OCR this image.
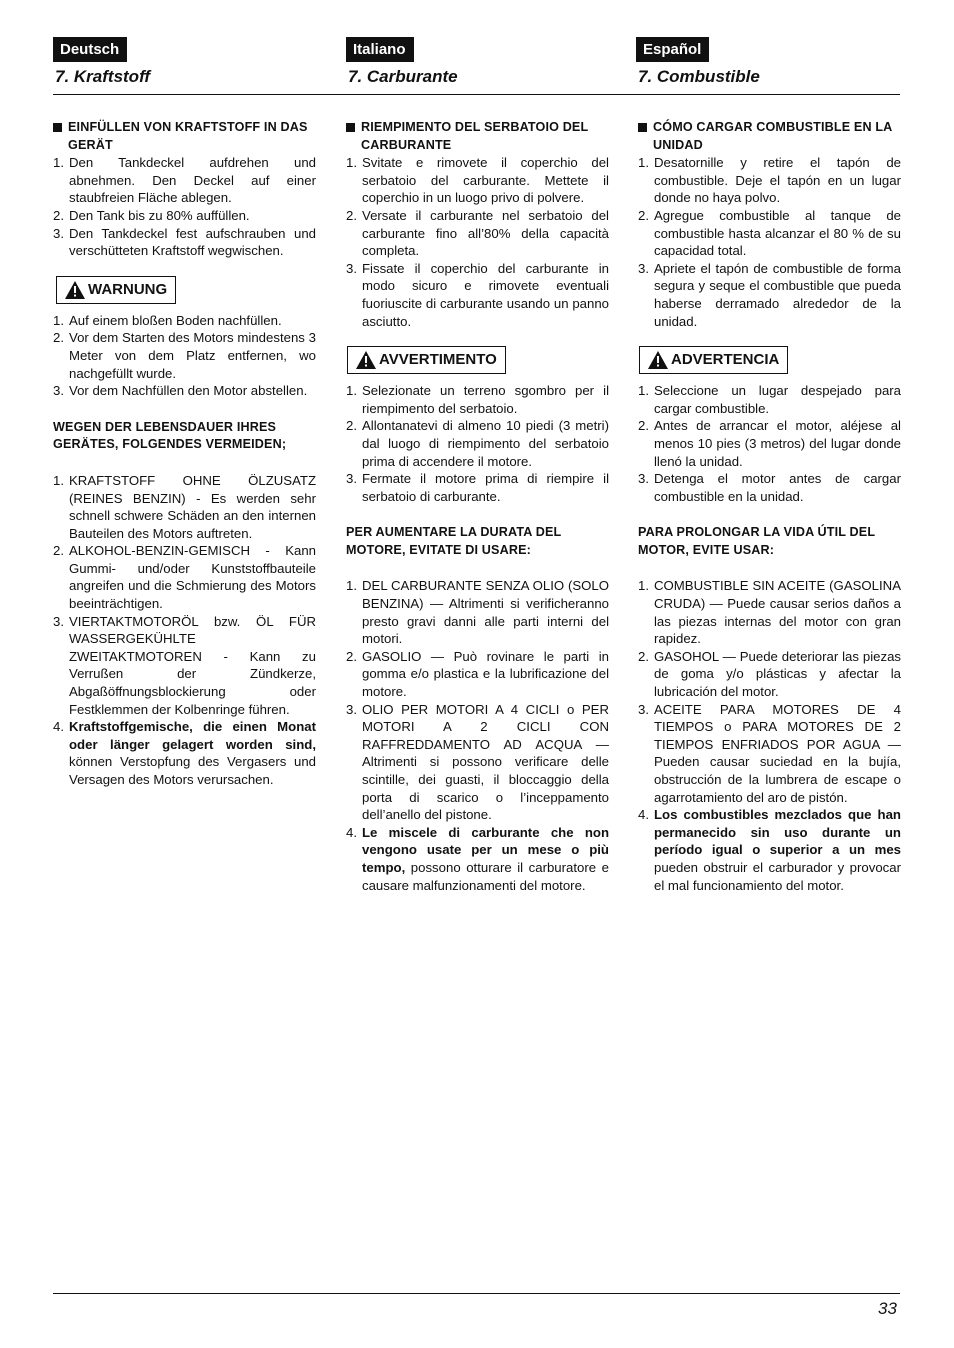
Deutsch	Italiano	Español
7. Kraftstoff	7. Carburante	7. Combustible
EINFÜLLEN VON KRAFTSTOFF IN DAS GERÄT
1. Den Tankdeckel aufdrehen und abnehmen. Den Deckel auf einer staubfreien Fläche ablegen.
2. Den Tank bis zu 80% auffüllen.
3. Den Tankdeckel fest aufschrauben und verschütteten Kraftstoff wegwischen.
WARNUNG
1. Auf einem bloßen Boden nachfüllen.
2. Vor dem Starten des Motors mindestens 3 Meter von dem Platz entfernen, wo nachgefüllt wurde.
3. Vor dem Nachfüllen den Motor abstellen.
WEGEN DER LEBENSDAUER IHRES GERÄTES, FOLGENDES VERMEIDEN;
1. KRAFTSTOFF OHNE ÖLZUSATZ (REINES BENZIN) - Es werden sehr schnell schwere Schäden an den internen Bauteilen des Motors auftreten.
2. ALKOHOL-BENZIN-GEMISCH - Kann Gummi- und/oder Kunststoffbauteile angreifen und die Schmierung des Motors beeinträchtigen.
3. VIERTAKTMOTORÖL bzw. ÖL FÜR WASSERGEKÜHLTE ZWEITAKTMOTOREN - Kann zu Verrußen der Zündkerze, Abgaßöffnungsblockierung oder Festklemmen der Kolbenringe führen.
4. Kraftstoffgemische, die einen Monat oder länger gelagert worden sind, können Verstopfung des Vergasers und Versagen des Motors verursachen.
RIEMPIMENTO DEL SERBATOIO DEL CARBURANTE
1. Svitate e rimovete il coperchio del serbatoio del carburante. Mettete il coperchio in un luogo privo di polvere.
2. Versate il carburante nel serbatoio del carburante fino all’80% della capacità completa.
3. Fissate il coperchio del carburante in modo sicuro e rimovete eventuali fuoriuscite di carburante usando un panno asciutto.
AVVERTIMENTO
1. Selezionate un terreno sgombro per il riempimento del serbatoio.
2. Allontanatevi di almeno 10 piedi (3 metri) dal luogo di riempimento del serbatoio prima di accendere il motore.
3. Fermate il motore prima di riempire il serbatoio di carburante.
PER AUMENTARE LA DURATA DEL MOTORE, EVITATE DI USARE:
1. DEL CARBURANTE SENZA OLIO (SOLO BENZINA) — Altrimenti si verificheranno presto gravi danni alle parti interni del motori.
2. GASOLIO — Può rovinare le parti in gomma e/o plastica e la lubrificazione del motore.
3. OLIO PER MOTORI A 4 CICLI o PER MOTORI A 2 CICLI CON RAFFREDDAMENTO AD ACQUA — Altrimenti si possono verificare delle scintille, dei guasti, il bloccaggio della porta di scarico o l’inceppamento dell’anello del pistone.
4. Le miscele di carburante che non vengono usate per un mese o più tempo, possono otturare il carburatore e causare malfunzionamenti del motore.
CÓMO CARGAR COMBUSTIBLE EN LA UNIDAD
1. Desatornille y retire el tapón de combustible. Deje el tapón en un lugar donde no haya polvo.
2. Agregue combustible al tanque de combustible hasta alcanzar el 80 % de su capacidad total.
3. Apriete el tapón de combustible de forma segura y seque el combustible que pueda haberse derramado alrededor de la unidad.
ADVERTENCIA
1. Seleccione un lugar despejado para cargar combustible.
2. Antes de arrancar el motor, aléjese al menos 10 pies (3 metros) del lugar donde llenó la unidad.
3. Detenga el motor antes de cargar combustible en la unidad.
PARA PROLONGAR LA VIDA ÚTIL DEL MOTOR, EVITE USAR:
1. COMBUSTIBLE SIN ACEITE (GASOLINA CRUDA) — Puede causar serios daños a las piezas internas del motor con gran rapidez.
2. GASOHOL — Puede deteriorar las piezas de goma y/o plásticas y afectar la lubricación del motor.
3. ACEITE PARA MOTORES DE 4 TIEMPOS o PARA MOTORES DE 2 TIEMPOS ENFRIADOS POR AGUA — Pueden causar suciedad en la bujía, obstrucción de la lumbrera de escape o agarrotamiento del aro de pistón.
4. Los combustibles mezclados que han permanecido sin uso durante un período igual o superior a un mes pueden obstruir el carburador y provocar el mal funcionamiento del motor.
33
